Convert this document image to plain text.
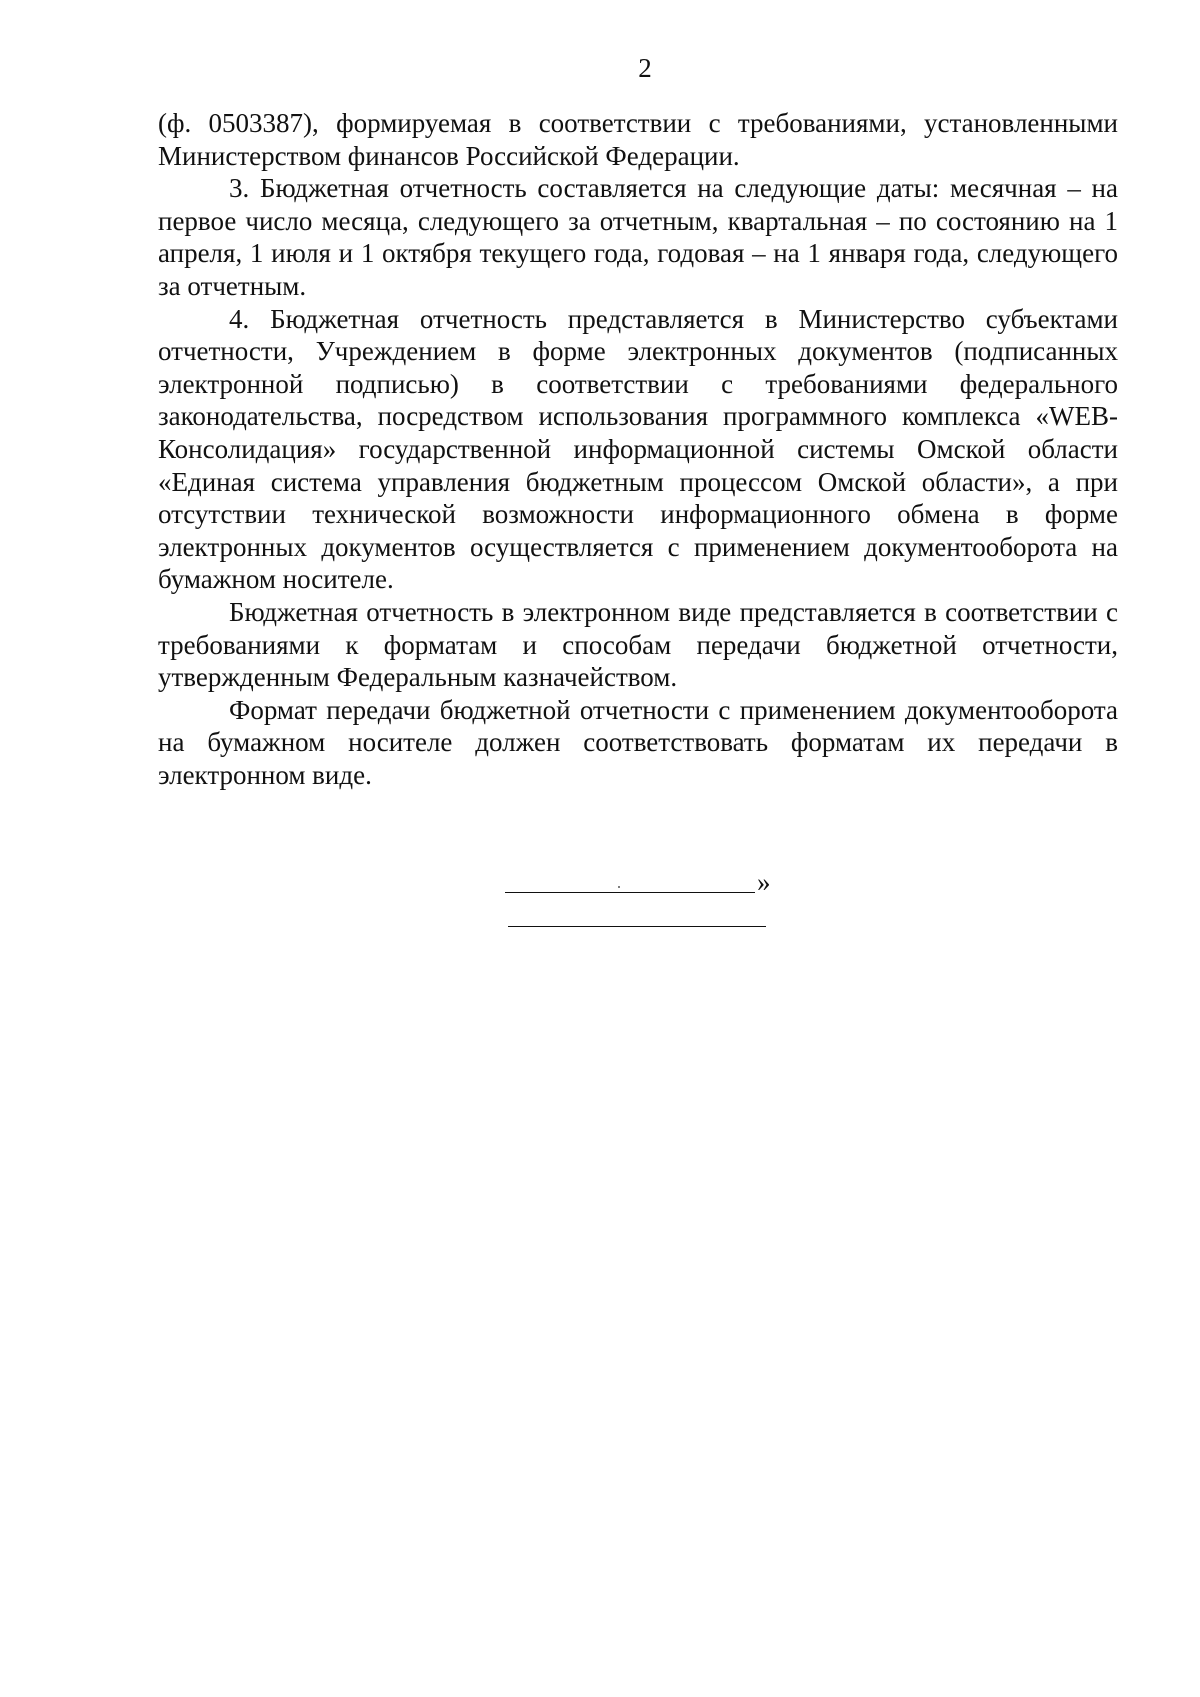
2

(ф. 0503387), формируемая в соответствии с требованиями, установленными Министерством финансов Российской Федерации.

3. Бюджетная отчетность составляется на следующие даты: месячная – на первое число месяца, следующего за отчетным, квартальная – по состоянию на 1 апреля, 1 июля и 1 октября текущего года, годовая – на 1 января года, следующего за отчетным.

4. Бюджетная отчетность представляется в Министерство субъектами отчетности, Учреждением в форме электронных документов (подписанных электронной подписью) в соответствии с требованиями федерального законодательства, посредством использования программного комплекса «WEB-Консолидация» государственной информационной системы Омской области «Единая система управления бюджетным процессом Омской области», а при отсутствии технической возможности информационного обмена в форме электронных документов осуществляется с применением документооборота на бумажном носителе.

Бюджетная отчетность в электронном виде представляется в соответствии с требованиями к форматам и способам передачи бюджетной отчетности, утвержденным Федеральным казначейством.

Формат передачи бюджетной отчетности с применением документооборота на бумажном носителе должен соответствовать форматам их передачи в электронном виде.

»
